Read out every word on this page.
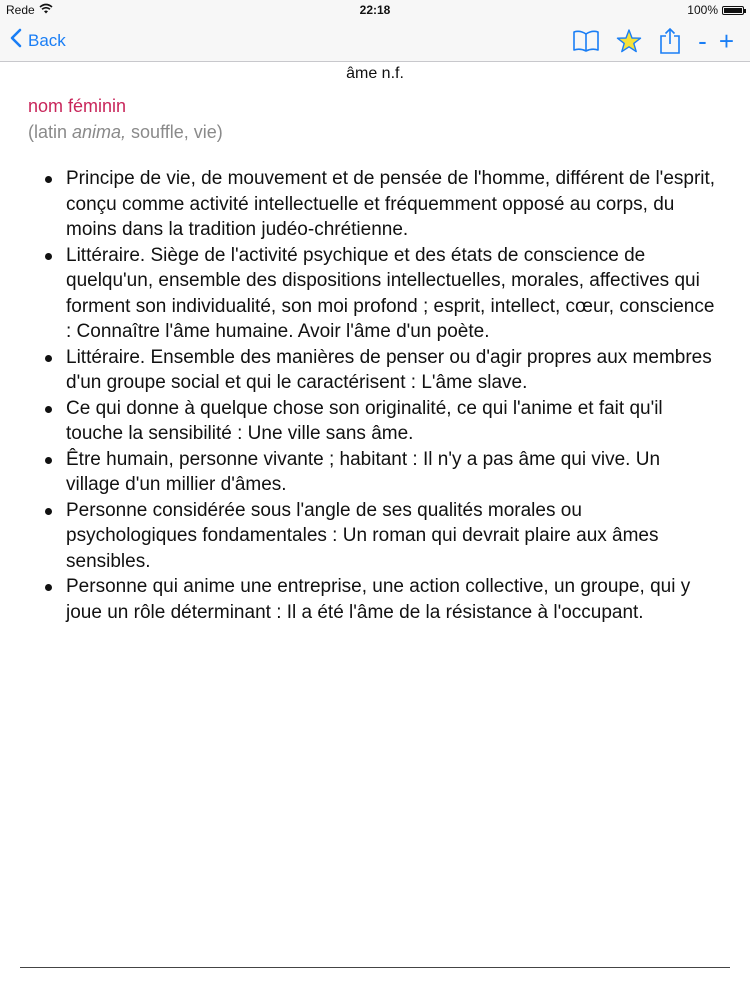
Rede	22:18	100%
Back	- +
âme n.f.
nom féminin
(latin anima, souffle, vie)
Principe de vie, de mouvement et de pensée de l'homme, différent de l'esprit, conçu comme activité intellectuelle et fréquemment opposé au corps, du moins dans la tradition judéo-chrétienne.
Littéraire. Siège de l'activité psychique et des états de conscience de quelqu'un, ensemble des dispositions intellectuelles, morales, affectives qui forment son individualité, son moi profond ; esprit, intellect, cœur, conscience : Connaître l'âme humaine. Avoir l'âme d'un poète.
Littéraire. Ensemble des manières de penser ou d'agir propres aux membres d'un groupe social et qui le caractérisent : L'âme slave.
Ce qui donne à quelque chose son originalité, ce qui l'anime et fait qu'il touche la sensibilité : Une ville sans âme.
Être humain, personne vivante ; habitant : Il n'y a pas âme qui vive. Un village d'un millier d'âmes.
Personne considérée sous l'angle de ses qualités morales ou psychologiques fondamentales : Un roman qui devrait plaire aux âmes sensibles.
Personne qui anime une entreprise, une action collective, un groupe, qui y joue un rôle déterminant : Il a été l'âme de la résistance à l'occupant.
